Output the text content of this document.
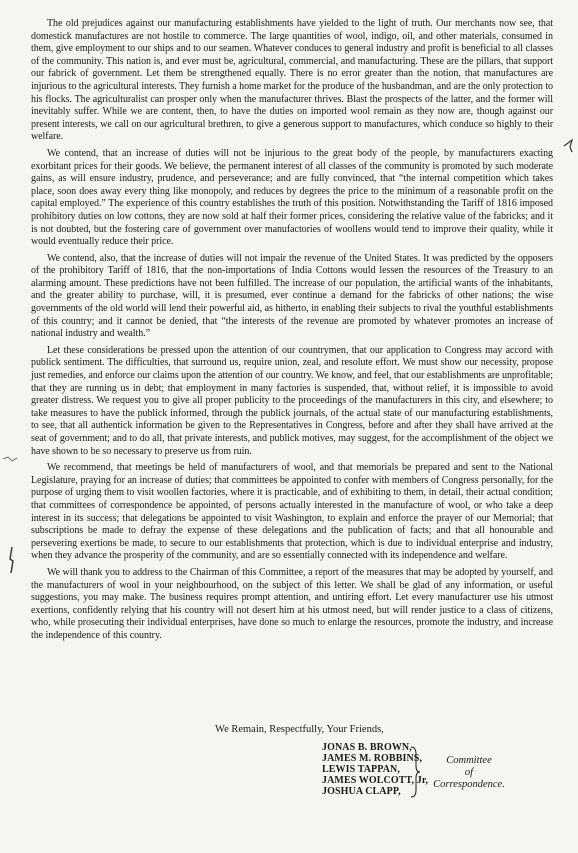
The old prejudices against our manufacturing establishments have yielded to the light of truth. Our merchants now see, that domestick manufactures are not hostile to commerce. The large quantities of wool, indigo, oil, and other materials, consumed in them, give employment to our ships and to our seamen. Whatever conduces to general industry and profit is beneficial to all classes of the community. This nation is, and ever must be, agricultural, commercial, and manufacturing. These are the pillars, that support our fabrick of government. Let them be strengthened equally. There is no error greater than the notion, that manufactures are injurious to the agricultural interests. They furnish a home market for the produce of the husbandman, and are the only protection to his flocks. The agriculturalist can prosper only when the manufacturer thrives. Blast the prospects of the latter, and the former will inevitably suffer. While we are content, then, to have the duties on imported wool remain as they now are, though against our present interests, we call on our agricultural brethren, to give a generous support to manufactures, which conduce so highly to their welfare.

We contend, that an increase of duties will not be injurious to the great body of the people, by manufacturers exacting exorbitant prices for their goods. We believe, the permanent interest of all classes of the community is promoted by such moderate gains, as will ensure industry, prudence, and perseverance; and are fully convinced, that “the internal competition which takes place, soon does away every thing like monopoly, and reduces by degrees the price to the minimum of a reasonable profit on the capital employed.” The experience of this country establishes the truth of this position. Notwithstanding the Tariff of 1816 imposed prohibitory duties on low cottons, they are now sold at half their former prices, considering the relative value of the fabricks; and it is not doubted, but the fostering care of government over manufactories of woollens would tend to improve their quality, while it would eventually reduce their price.

We contend, also, that the increase of duties will not impair the revenue of the United States. It was predicted by the opposers of the prohibitory Tariff of 1816, that the non-importations of India Cottons would lessen the resources of the Treasury to an alarming amount. These predictions have not been fulfilled. The increase of our population, the artificial wants of the inhabitants, and the greater ability to purchase, will, it is presumed, ever continue a demand for the fabricks of other nations; the wise governments of the old world will lend their powerful aid, as hitherto, in enabling their subjects to rival the youthful establishments of this country; and it cannot be denied, that “the interests of the revenue are promoted by whatever promotes an increase of national industry and wealth.”

Let these considerations be pressed upon the attention of our countrymen, that our application to Congress may accord with publick sentiment. The difficulties, that surround us, require union, zeal, and resolute effort. We must show our necessity, propose just remedies, and enforce our claims upon the attention of our country. We know, and feel, that our establishments are unprofitable; that they are running us in debt; that employment in many factories is suspended, that, without relief, it is impossible to avoid greater distress. We request you to give all proper publicity to the proceedings of the manufacturers in this city, and elsewhere; to take measures to have the publick informed, through the publick journals, of the actual state of our manufacturing establishments, to see, that all authentick information be given to the Representatives in Congress, before and after they shall have arrived at the seat of government; and to do all, that private interests, and publick motives, may suggest, for the accomplishment of the object we have shown to be so necessary to preserve us from ruin.

We recommend, that meetings be held of manufacturers of wool, and that memorials be prepared and sent to the National Legislature, praying for an increase of duties; that committees be appointed to confer with members of Congress personally, for the purpose of urging them to visit woollen factories, where it is practicable, and of exhibiting to them, in detail, their actual condition; that committees of correspondence be appointed, of persons actually interested in the manufacture of wool, or who take a deep interest in its success; that delegations be appointed to visit Washington, to explain and enforce the prayer of our Memorial; that subscriptions be made to defray the expense of these delegations and the publication of facts; and that all honourable and persevering exertions be made, to secure to our establishments that protection, which is due to individual enterprise and industry, when they advance the prosperity of the community, and are so essentially connected with its independence and welfare.

We will thank you to address to the Chairman of this Committee, a report of the measures that may be adopted by yourself, and the manufacturers of wool in your neighbourhood, on the subject of this letter. We shall be glad of any information, or useful suggestions, you may make. The business requires prompt attention, and untiring effort. Let every manufacturer use his utmost exertions, confidently relying that his country will not desert him at his utmost need, but will render justice to a class of citizens, who, while prosecuting their individual enterprises, have done so much to enlarge the resources, promote the industry, and increase the independence of this country.

We Remain, Respectfully, Your Friends,

JONAS B. BROWN,
JAMES M. ROBBINS,
LEWIS TAPPAN,
JAMES WOLCOTT, Jr,
JOSHUA CLAPP,
Committee
of
Correspondence.
